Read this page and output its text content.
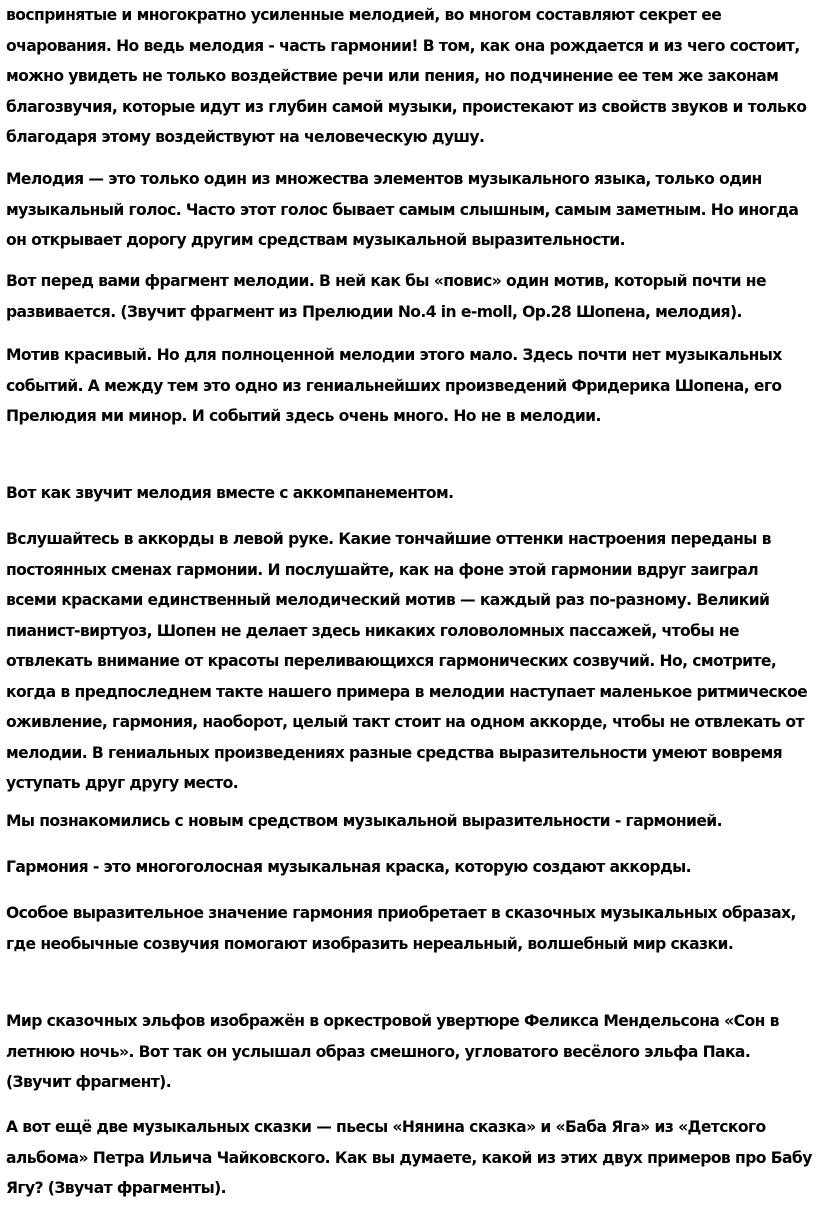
воспринятые и многократно усиленные мелодией, во многом составляют секрет ее очарования. Но ведь мелодия - часть гармонии! В том, как она рождается и из чего состоит, можно увидеть не только воздействие речи или пения, но подчинение ее тем же законам благозвучия, которые идут из глубин самой музыки, проистекают из свойств звуков и только благодаря этому воздействуют на человеческую душу.

Мелодия — это только один из множества элементов музыкального языка, только один музыкальный голос. Часто этот голос бывает самым слышным, самым заметным. Но иногда он открывает дорогу другим средствам музыкальной выразительности.

Вот перед вами фрагмент мелодии. В ней как бы «повис» один мотив, который почти не развивается. (Звучит фрагмент из Прелюдии No.4 in e-moll, Op.28 Шопена, мелодия).

Мотив красивый. Но для полноценной мелодии этого мало. Здесь почти нет музыкальных событий. А между тем это одно из гениальнейших произведений Фридерика Шопена, его Прелюдия ми минор. И событий здесь очень много. Но не в мелодии.

Вот как звучит мелодия вместе с аккомпанементом.

Вслушайтесь в аккорды в левой руке. Какие тончайшие оттенки настроения переданы в постоянных сменах гармонии. И послушайте, как на фоне этой гармонии вдруг заиграл всеми красками единственный мелодический мотив — каждый раз по-разному. Великий пианист-виртуоз, Шопен не делает здесь никаких головоломных пассажей, чтобы не отвлекать внимание от красоты переливающихся гармонических созвучий. Но, смотрите, когда в предпоследнем такте нашего примера в мелодии наступает маленькое ритмическое оживление, гармония, наоборот, целый такт стоит на одном аккорде, чтобы не отвлекать от мелодии. В гениальных произведениях разные средства выразительности умеют вовремя уступать друг другу место.

Мы познакомились с новым средством музыкальной выразительности - гармонией.

Гармония - это многоголосная музыкальная краска, которую создают аккорды.

Особое выразительное значение гармония приобретает в сказочных музыкальных образах, где необычные созвучия помогают изобразить нереальный, волшебный мир сказки.

Мир сказочных эльфов изображён в оркестровой увертюре Феликса Мендельсона «Сон в летнюю ночь». Вот так он услышал образ смешного, угловатого весёлого эльфа Пака. (Звучит фрагмент).

А вот ещё две музыкальных сказки — пьесы «Нянина сказка» и «Баба Яга» из «Детского альбома» Петра Ильича Чайковского. Как вы думаете, какой из этих двух примеров про Бабу Ягу? (Звучат фрагменты).
